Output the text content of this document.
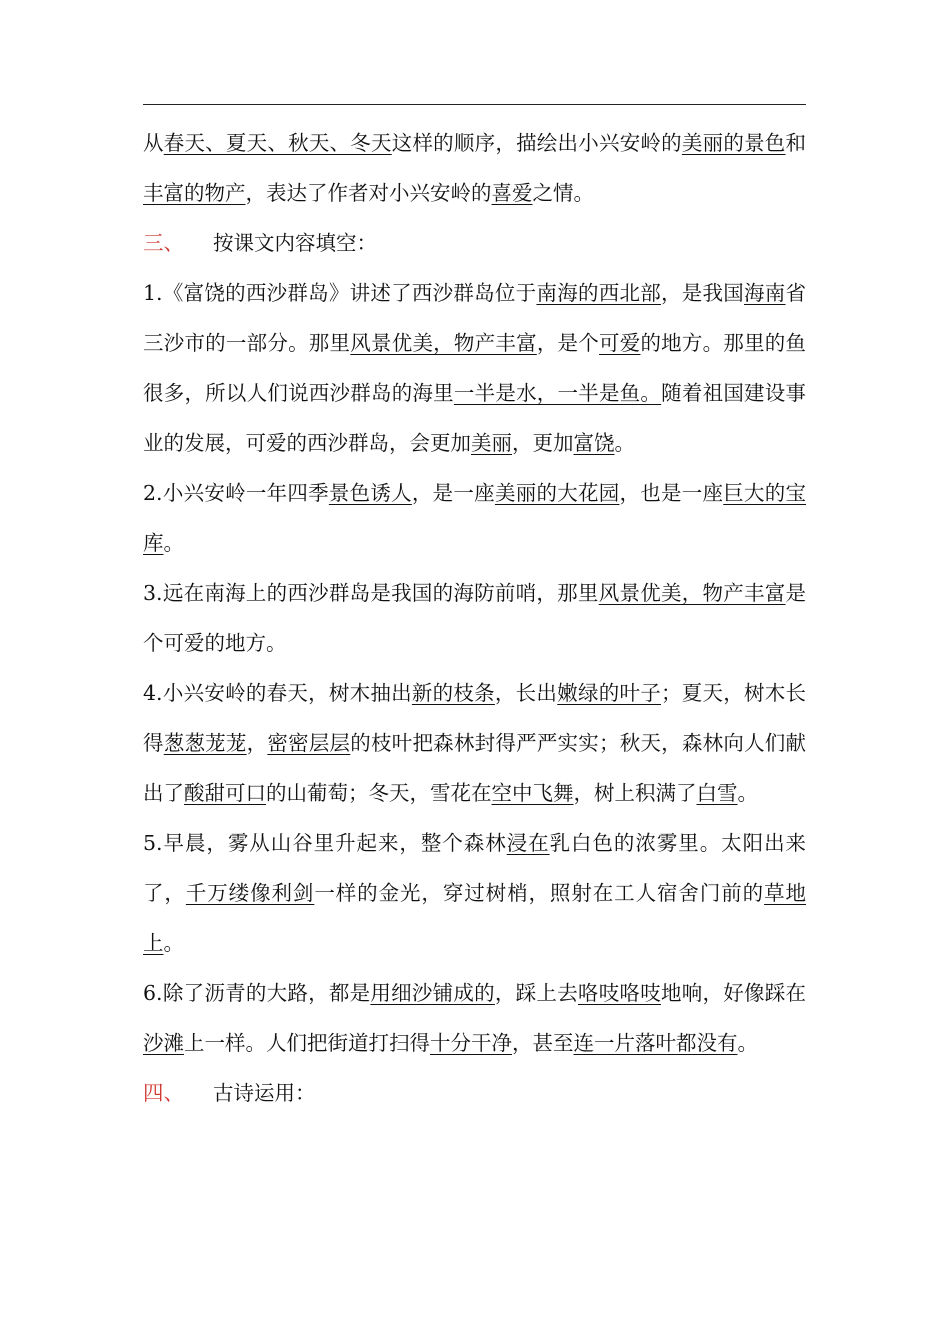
从春天、夏天、秋天、冬天这样的顺序，描绘出小兴安岭的美丽的景色和丰富的物产，表达了作者对小兴安岭的喜爱之情。

三、 按课文内容填空：

1.《富饶的西沙群岛》讲述了西沙群岛位于南海的西北部，是我国海南省三沙市的一部分。那里风景优美，物产丰富，是个可爱的地方。那里的鱼很多，所以人们说西沙群岛的海里一半是水，一半是鱼。随着祖国建设事业的发展，可爱的西沙群岛，会更加美丽，更加富饶。

2.小兴安岭一年四季景色诱人，是一座美丽的大花园，也是一座巨大的宝库。

3.远在南海上的西沙群岛是我国的海防前哨，那里风景优美，物产丰富是个可爱的地方。

4.小兴安岭的春天，树木抽出新的枝条，长出嫩绿的叶子；夏天，树木长得葱葱茏茏，密密层层的枝叶把森林封得严严实实；秋天，森林向人们献出了酸甜可口的山葡萄；冬天，雪花在空中飞舞，树上积满了白雪。

5.早晨，雾从山谷里升起来，整个森林浸在乳白色的浓雾里。太阳出来了，千万缕像利剑一样的金光，穿过树梢，照射在工人宿舍门前的草地上。

6.除了沥青的大路，都是用细沙铺成的，踩上去咯吱咯吱地响，好像踩在沙滩上一样。人们把街道打扫得十分干净，甚至连一片落叶都没有。

四、 古诗运用：
